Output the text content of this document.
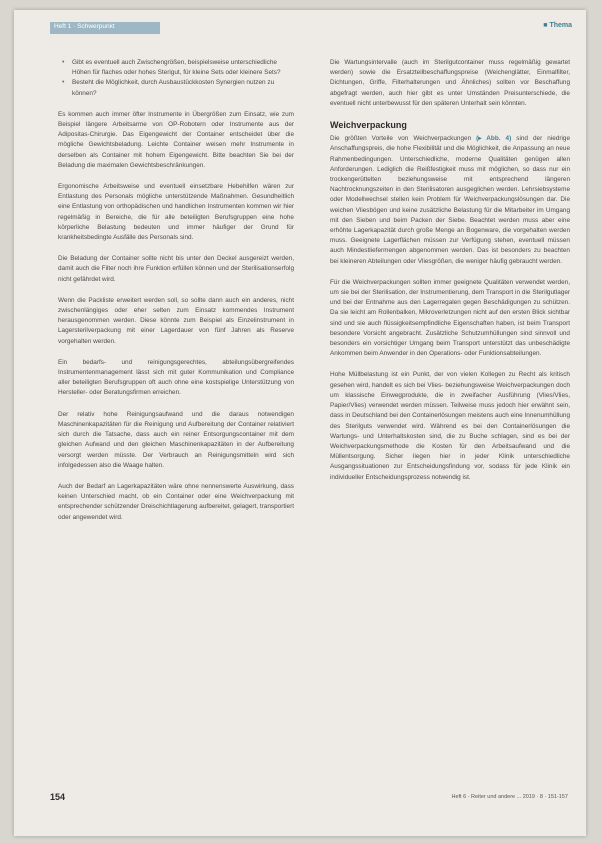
Heft 1 · Schwerpunkt	■ Thema
• Gibt es eventuell auch Zwischengrößen, beispielsweise unterschiedliche Höhen für flaches oder hohes Sterigut, für kleine Sets oder kleinere Sets?
• Besteht die Möglichkeit, durch Ausbaustückkosten Synergien nutzen zu können?

Es kommen auch immer öfter Instrumente in Übergrößen zum Einsatz, wie zum Beispiel längere Arbeitsarme von OP-Robotern oder Instrumente aus der Adipositas-Chirurgie. Das Eigengewicht der Container entscheidet über die mögliche Gewichtsbeladung. Leichte Container weisen mehr Instrumente in derselben als Container mit hohem Eigengewicht. Bitte beachten Sie bei der Beladung die maximalen Gewichtsbeschränkungen.

Ergonomische Arbeitsweise und eventuell einsetzbare Hebehilfen wären zur Entlastung des Personals mögliche unterstützende Maßnahmen. Gesundheitlich eine Entlastung von orthopädischen und handlichen Instrumenten kommen wir hier regelmäßig in Bereiche, die für alle beteiligten Berufsgruppen eine hohe körperliche Belastung bedeuten und immer häufiger der Grund für krankheitsbedingte Ausfälle des Personals sind.

Die Beladung der Container sollte nicht bis unter den Deckel ausgereizt werden, damit auch die Filter noch ihre Funktion erfüllen können und der Sterilisationserfolg nicht gefährdet wird.

Wenn die Packliste erweitert werden soll, so sollte dann auch ein anderes, nicht zwischenlängiges oder eher selten zum Einsatz kommendes Instrument herausgenommen werden. Diese könnte zum Beispiel als Einzelinstrument in Lagersterilverpackung mit einer Lagerdauer von fünf Jahren als Reserve vorgehalten werden.

Ein bedarfs- und reinigungsgerechtes, abteilungsübergreifendes Instrumentenmanagement lässt sich mit guter Kommunikation und Compliance aller beteiligten Berufsgruppen oft auch ohne eine kostspielige Unterstützung von Hersteller- oder Beratungsfirmen erreichen.

Der relativ hohe Reinigungsaufwand und die daraus notwendigen Maschinenkapazitäten für die Reinigung und Aufbereitung der Container relativiert sich durch die Tatsache, dass auch ein reiner Entsorgungscontainer mit dem gleichen Aufwand und den gleichen Maschinenkapazitäten in der Aufbereitung versorgt werden müsste. Der Verbrauch an Reinigungsmitteln wird sich infolgedessen also die Waage halten.

Auch der Bedarf an Lagerkapazitäten wäre ohne nennenswerte Auswirkung, dass keinen Unterschied macht, ob ein Container oder eine Weichverpackung mit entsprechender schützender Dreischichtlagerung aufbereitet, gelagert, transportiert oder angewendet wird.

Die Wartungsintervalle (auch im Sterilgutcontainer muss regelmäßig gewartet werden) sowie die Ersatzteilbeschaffungspreise (Weichenglätter, Einmalfilter, Dichtungen, Griffe, Filterhalterungen und Ähnliches) sollten vor Beschaffung abgefragt werden, auch hier gibt es unter Umständen Preisunterschiede, die eventuell nicht unterbewusst für den späteren Unterhalt sein könnten.

Weichverpackung

Die größten Vorteile von Weichverpackungen (▸ Abb. 4) sind der niedrige Anschaffungspreis, die hohe Flexibilität und die Möglichkeit, die Anpassung an neue Rahmenbedingungen. Unterschiedliche, moderne Qualitäten genügen allen Anforderungen. Lediglich die Reißfestigkeit muss mit möglichen, so dass nur ein trockengerüttelten beziehungsweise mit entsprechend längeren Nachtrocknungszeiten in den Sterilisatoren ausgeglichen werden. Lehrsiebsysteme oder Modellwechsel stellen kein Problem für Weichverpackungslösungen dar. Die weichen Vliesbögen und keine zusätzliche Belastung für die Mitarbeiter im Umgang mit den Sieben und beim Packen der Siebe. Beachtet werden muss aber eine erhöhte Lagerkapazität durch große Menge an Bogenware, die vorgehalten werden muss. Geeignete Lagerflächen müssen zur Verfügung stehen, eventuell müssen auch Mindestliefermengen abgenommen werden. Das ist besonders zu beachten bei kleineren Abteilungen oder Vliesgrößen, die weniger häufig gebraucht werden.

Für die Weichverpackungen sollten immer geeignete Qualitäten verwendet werden, um sie bei der Sterilisation, der Instrumentierung, dem Transport in die Sterilgutlager und bei der Entnahme aus den Lagerregalen gegen Beschädigungen zu schützen. Da sie leicht am Rollenbalken, Mikroverletzungen nicht auf den ersten Blick sichtbar sind und sie auch flüssigkeitsempfindliche Eigenschaften haben, ist beim Transport besondere Vorsicht angebracht. Zusätzliche Schutzumhüllungen sind sinnvoll und besonders ein vorsichtiger Umgang beim Transport unterstützt das unbeschädigte Ankommen beim Anwender in den Operations- oder Funktionsabteilungen.

Hohe Müllbelastung ist ein Punkt, der von vielen Kollegen zu Recht als kritisch gesehen wird, handelt es sich bei Vlies- beziehungsweise Weichverpackungen doch um klassische Einwegprodukte, die in zweifacher Ausführung (Vlies/Vlies, Papier/Vlies) verwendet werden müssen. Teilweise muss jedoch hier erwähnt sein, dass in Deutschland bei den Containerlösungen meistens auch eine Innenumhüllung des Sterilguts verwendet wird. Während es bei den Containerlösungen die Wartungs- und Unterhaltskosten sind, die zu Buche schlagen, sind es bei der Weichverpackungsmethode die Kosten für den Arbeitsaufwand und die Müllentsorgung. Sicher liegen hier in jeder Klinik unterschiedliche Ausgangssituationen zur Entscheidungsfindung vor, sodass für jede Klinik ein individueller Entscheidungsprozess notwendig ist.

154	Heft 6 · Reiter und andere ... 2019 · 8 · 151-157
